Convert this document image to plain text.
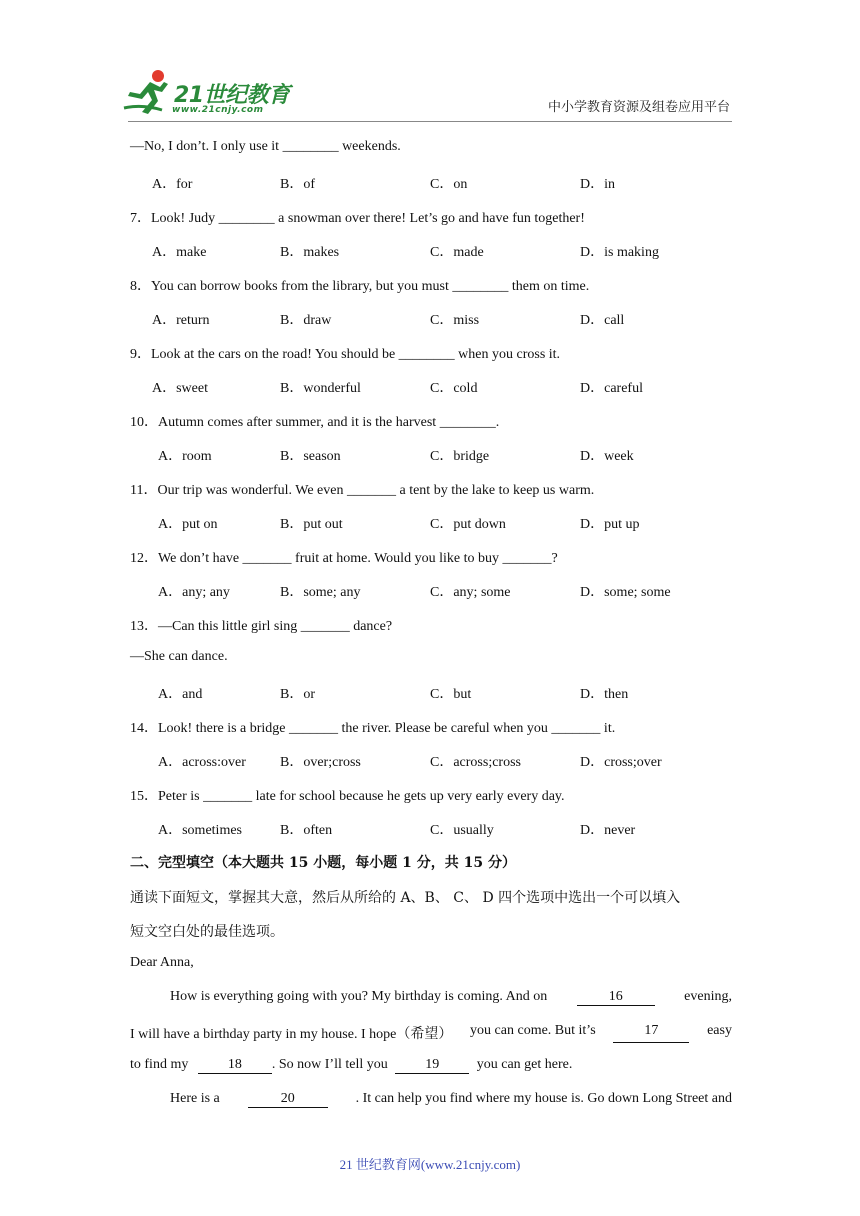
21世纪教育
www.21cnjy.com	中小学教育资源及组卷应用平台
—No, I don’t. I only use it ________ weekends.
A．for	B．of	C．on	D．in
7．Look! Judy ________ a snowman over there! Let’s go and have fun together!
A．make	B．makes	C．made	D．is making
8．You can borrow books from the library, but you must ________ them on time.
A．return	B．draw	C．miss	D．call
9．Look at the cars on the road! You should be ________ when you cross it.
A．sweet	B．wonderful	C．cold	D．careful
10．Autumn comes after summer, and it is the harvest ________.
A．room	B．season	C．bridge	D．week
11．Our trip was wonderful. We even _______ a tent by the lake to keep us warm.
A．put on	B．put out	C．put down	D．put up
12．We don’t have _______ fruit at home. Would you like to buy _______?
A．any; any	B．some; any	C．any; some	D．some; some
13．—Can this little girl sing _______ dance?
—She can dance.
A．and	B．or	C．but	D．then
14．Look! there is a bridge _______ the river. Please be careful when you _______ it.
A．across:over B．over;cross	C．across;cross	D．cross;over
15．Peter is _______ late for school because he gets up very early every day.
A．sometimes	B．often	C．usually	D．never
二、完型填空（本大题共 15 小题，每小题 1 分，共 15 分）
通读下面短文，掌握其大意，然后从所给的 A、B、 C、 D 四个选项中选出一个可以填入
短文空白处的最佳选项。
Dear Anna,
How is everything going with you? My birthday is coming. And on	16	evening,
I will have a birthday party in my house. I hope（希望） you can come. But it’s	17	easy
to find my	18 . So now I’ll tell you	19	you can get here.
Here is a	20	. It can help you find where my house is. Go down Long Street and
21 世纪教育网(www.21cnjy.com)
